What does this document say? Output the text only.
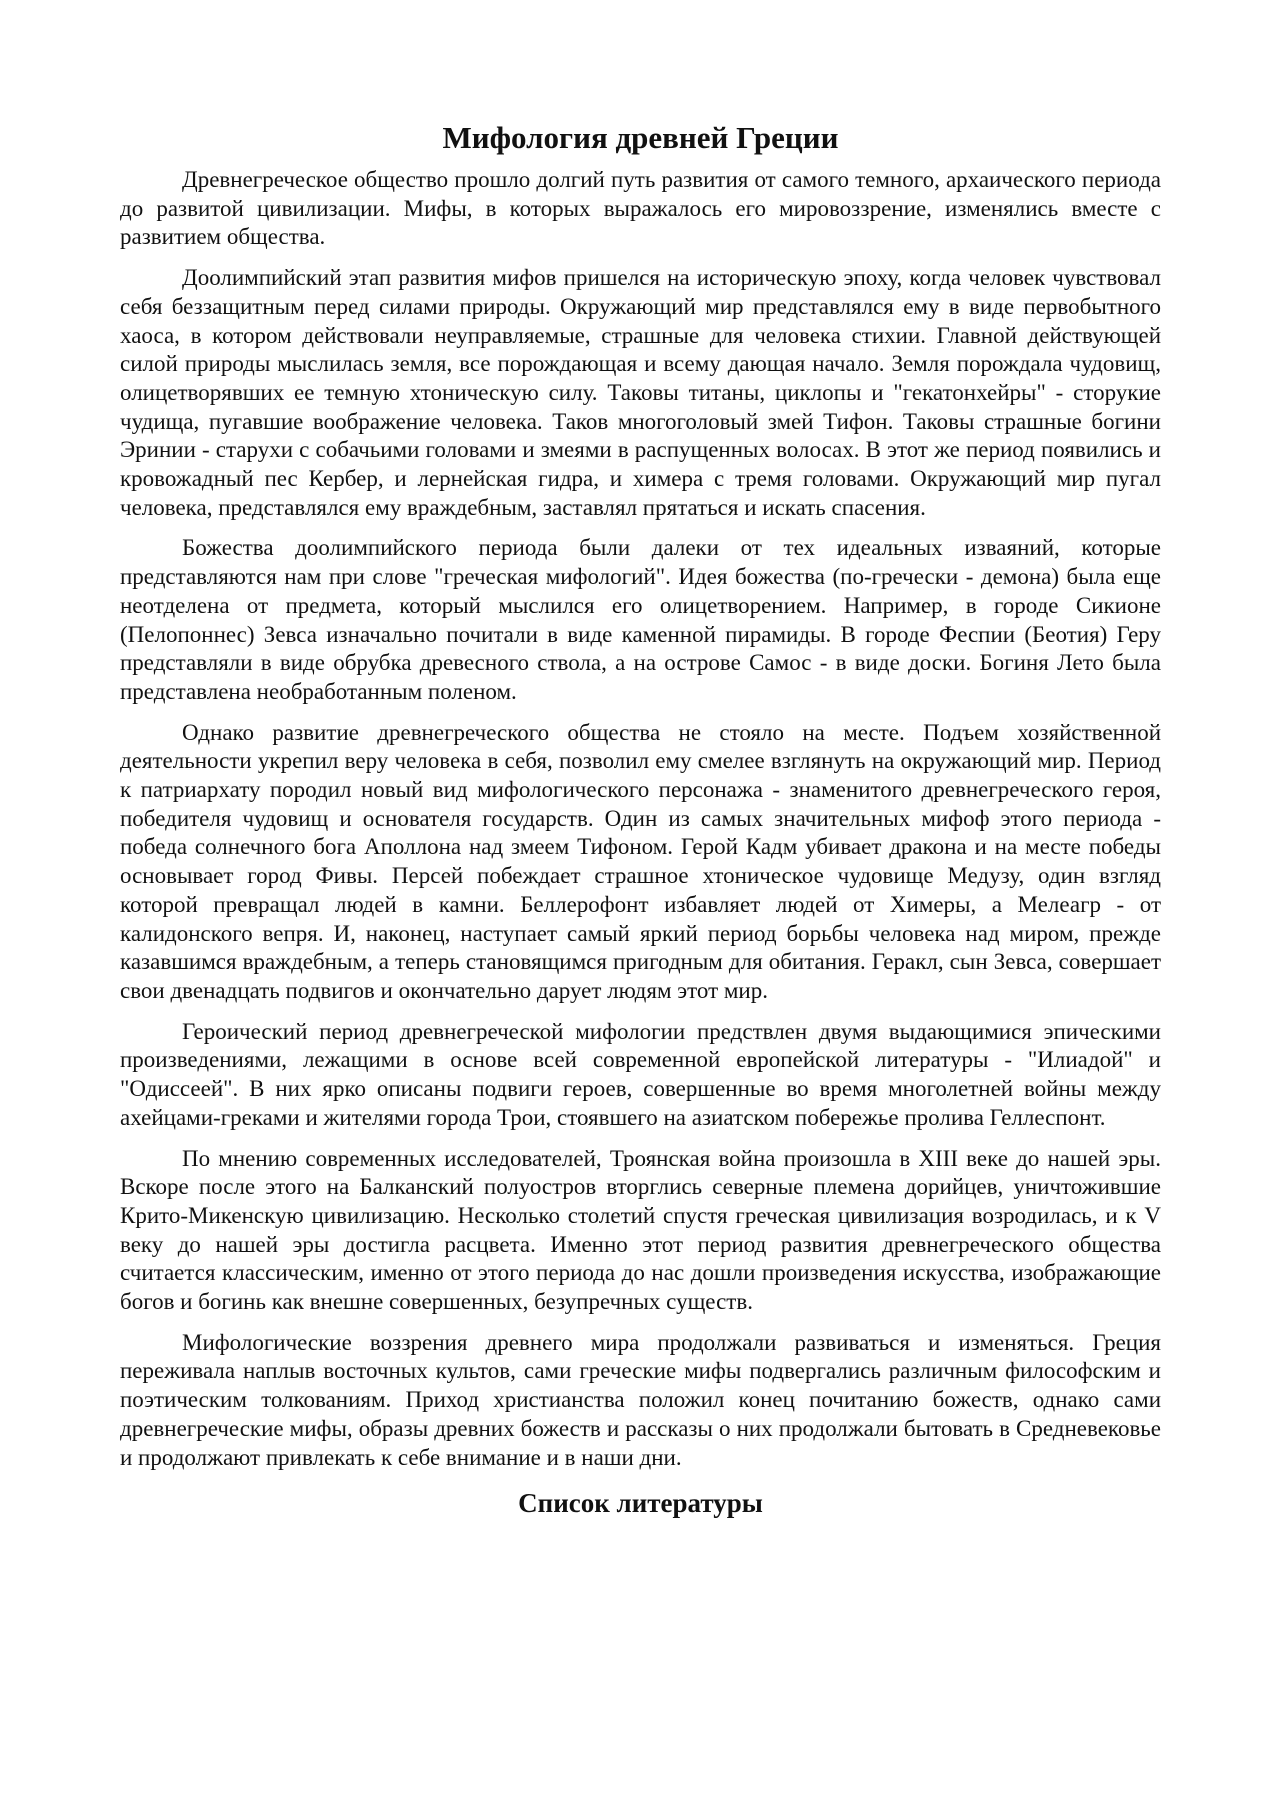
Мифология древней Греции

Древнегреческое общество прошло долгий путь развития от самого темного, архаического периода до развитой цивилизации. Мифы, в которых выражалось его мировоззрение, изменялись вместе с развитием общества.

Доолимпийский этап развития мифов пришелся на историческую эпоху, когда человек чувствовал себя беззащитным перед силами природы. Окружающий мир представлялся ему в виде первобытного хаоса, в котором действовали неуправляемые, страшные для человека стихии. Главной действующей силой природы мыслилась земля, все порождающая и всему дающая начало. Земля порождала чудовищ, олицетворявших ее темную хтоническую силу. Таковы титаны, циклопы и "гекатонхейры" - сторукие чудища, пугавшие воображение человека. Таков многоголовый змей Тифон. Таковы страшные богини Эринии - старухи с собачьими головами и змеями в распущенных волосах. В этот же период появились и кровожадный пес Кербер, и лернейская гидра, и химера с тремя головами. Окружающий мир пугал человека, представлялся ему враждебным, заставлял прятаться и искать спасения.

Божества доолимпийского периода были далеки от тех идеальных изваяний, которые представляются нам при слове "греческая мифологий". Идея божества (по-гречески - демона) была еще неотделена от предмета, который мыслился его олицетворением. Например, в городе Сикионе (Пелопоннес) Зевса изначально почитали в виде каменной пирамиды. В городе Феспии (Беотия) Геру представляли в виде обрубка древесного ствола, а на острове Самос - в виде доски. Богиня Лето была представлена необработанным поленом.

Однако развитие древнегреческого общества не стояло на месте. Подъем хозяйственной деятельности укрепил веру человека в себя, позволил ему смелее взглянуть на окружающий мир. Период к патриархату породил новый вид мифологического персонажа - знаменитого древнегреческого героя, победителя чудовищ и основателя государств. Один из самых значительных мифоф этого периода - победа солнечного бога Аполлона над змеем Тифоном. Герой Кадм убивает дракона и на месте победы основывает город Фивы. Персей побеждает страшное хтоническое чудовище Медузу, один взгляд которой превращал людей в камни. Беллерофонт избавляет людей от Химеры, а Мелеагр - от калидонского вепря. И, наконец, наступает самый яркий период борьбы человека над миром, прежде казавшимся враждебным, а теперь становящимся пригодным для обитания. Геракл, сын Зевса, совершает свои двенадцать подвигов и окончательно дарует людям этот мир.

Героический период древнегреческой мифологии предствлен двумя выдающимися эпическими произведениями, лежащими в основе всей современной европейской литературы - "Илиадой" и "Одиссеей". В них ярко описаны подвиги героев, совершенные во время многолетней войны между ахейцами-греками и жителями города Трои, стоявшего на азиатском побережье пролива Геллеспонт.

По мнению современных исследователей, Троянская война произошла в XIII веке до нашей эры. Вскоре после этого на Балканский полуостров вторглись северные племена дорийцев, уничтожившие Крито-Микенскую цивилизацию. Несколько столетий спустя греческая цивилизация возродилась, и к V веку до нашей эры достигла расцвета. Именно этот период развития древнегреческого общества считается классическим, именно от этого периода до нас дошли произведения искусства, изображающие богов и богинь как внешне совершенных, безупречных существ.

Мифологические воззрения древнего мира продолжали развиваться и изменяться. Греция переживала наплыв восточных культов, сами греческие мифы подвергались различным философским и поэтическим толкованиям. Приход христианства положил конец почитанию божеств, однако сами древнегреческие мифы, образы древних божеств и рассказы о них продолжали бытовать в Средневековье и продолжают привлекать к себе внимание и в наши дни.

Список литературы
